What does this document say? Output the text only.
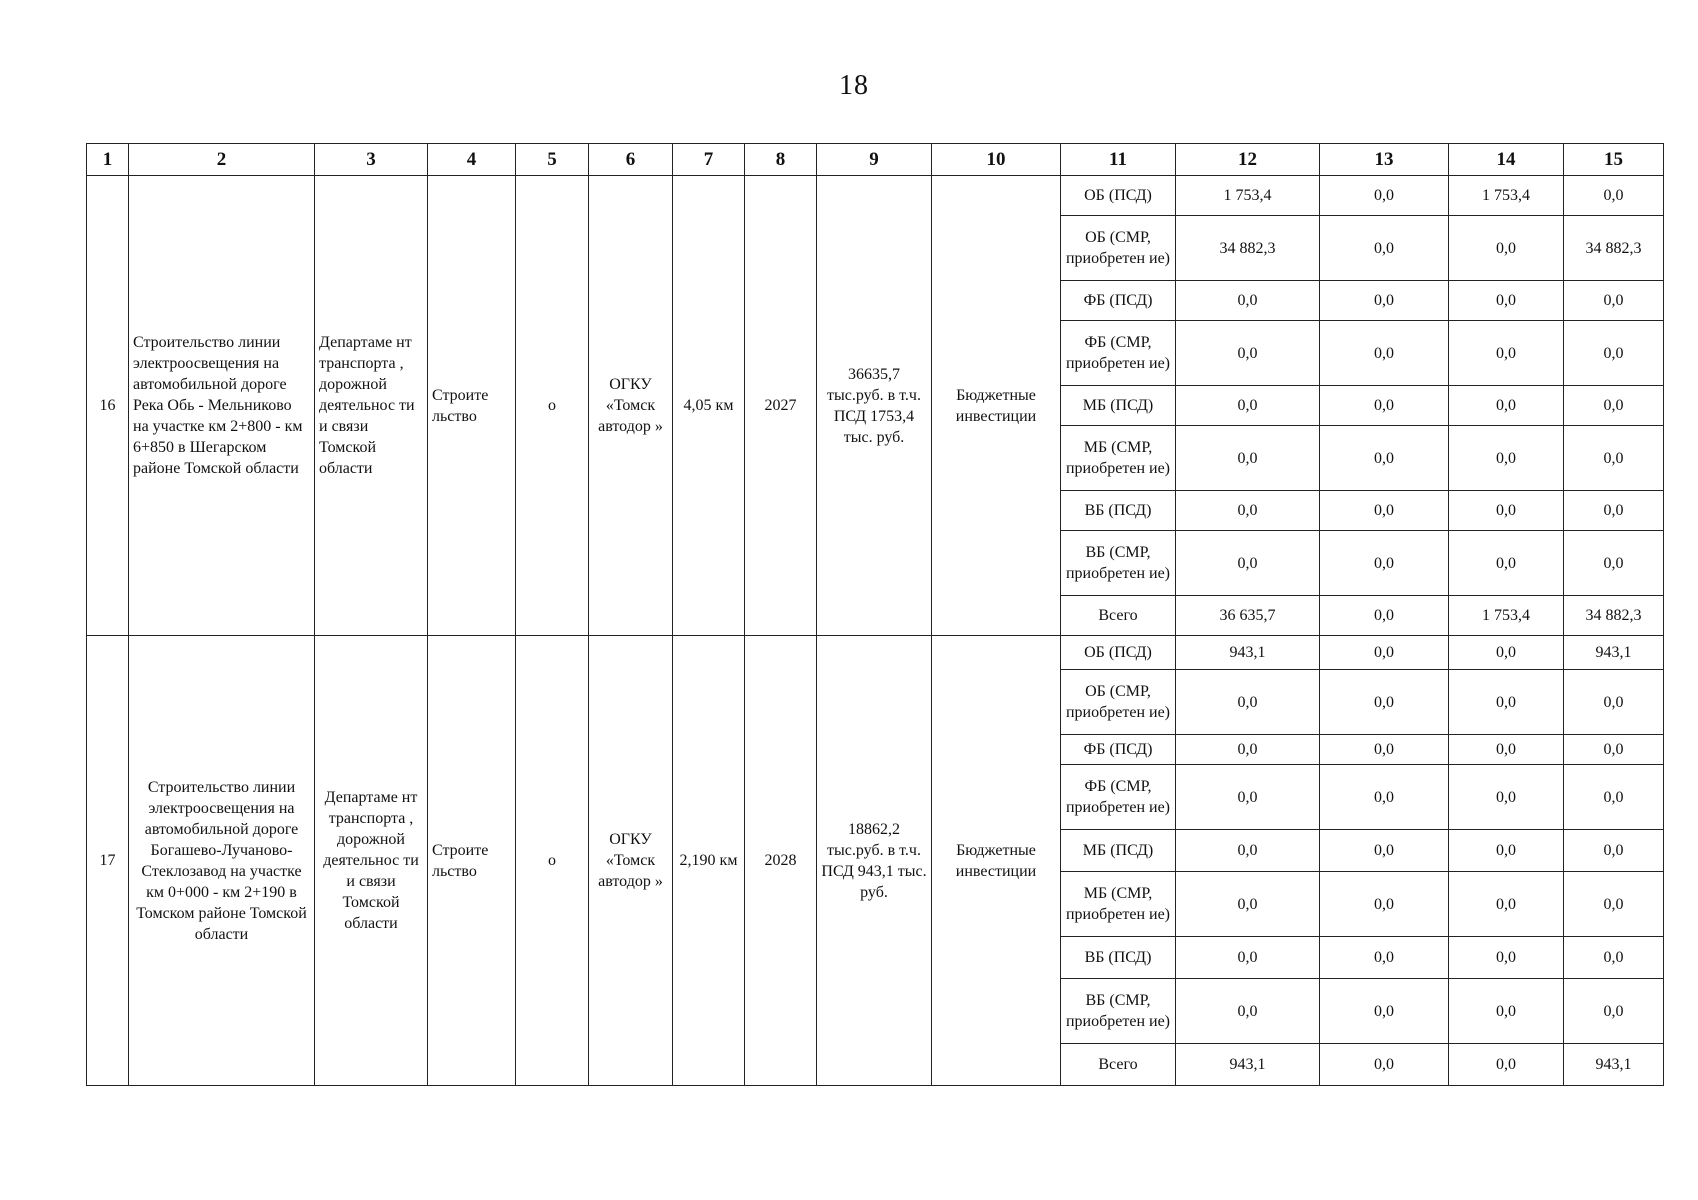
18
1	2	3	4	5	6	7	8	9	10	11	12	13	14	15
16	Строительство линии электроосвещения на автомобильной дороге Река Обь - Мельниково на участке км 2+800 - км 6+850 в Шегарском районе Томской области	Департаме нт транспорта , дорожной деятельнос ти и связи Томской области	Строите льство	о	ОГКУ «Томск автодор »	4,05 км	2027	36635,7 тыс.руб. в т.ч. ПСД 1753,4 тыс. руб.	Бюджетные инвестиции	ОБ (ПСД)	1 753,4	0,0	1 753,4	0,0
										ОБ (СМР, приобретен ие)	34 882,3	0,0	0,0	34 882,3
										ФБ (ПСД)	0,0	0,0	0,0	0,0
										ФБ (СМР, приобретен ие)	0,0	0,0	0,0	0,0
										МБ (ПСД)	0,0	0,0	0,0	0,0
										МБ (СМР, приобретен ие)	0,0	0,0	0,0	0,0
										ВБ (ПСД)	0,0	0,0	0,0	0,0
										ВБ (СМР, приобретен ие)	0,0	0,0	0,0	0,0
										Всего	36 635,7	0,0	1 753,4	34 882,3
17	Строительство линии электроосвещения на автомобильной дороге Богашево-Лучаново-Стеклозавод на участке км 0+000 - км 2+190 в Томском районе Томской области	Департаме нт транспорта , дорожной деятельнос ти и связи Томской области	Строите льство	о	ОГКУ «Томск автодор »	2,190 км	2028	18862,2 тыс.руб. в т.ч. ПСД 943,1 тыс. руб.	Бюджетные инвестиции	ОБ (ПСД)	943,1	0,0	0,0	943,1
										ОБ (СМР, приобретен ие)	0,0	0,0	0,0	0,0
										ФБ (ПСД)	0,0	0,0	0,0	0,0
										ФБ (СМР, приобретен ие)	0,0	0,0	0,0	0,0
										МБ (ПСД)	0,0	0,0	0,0	0,0
										МБ (СМР, приобретен ие)	0,0	0,0	0,0	0,0
										ВБ (ПСД)	0,0	0,0	0,0	0,0
										ВБ (СМР, приобретен ие)	0,0	0,0	0,0	0,0
										Всего	943,1	0,0	0,0	943,1
